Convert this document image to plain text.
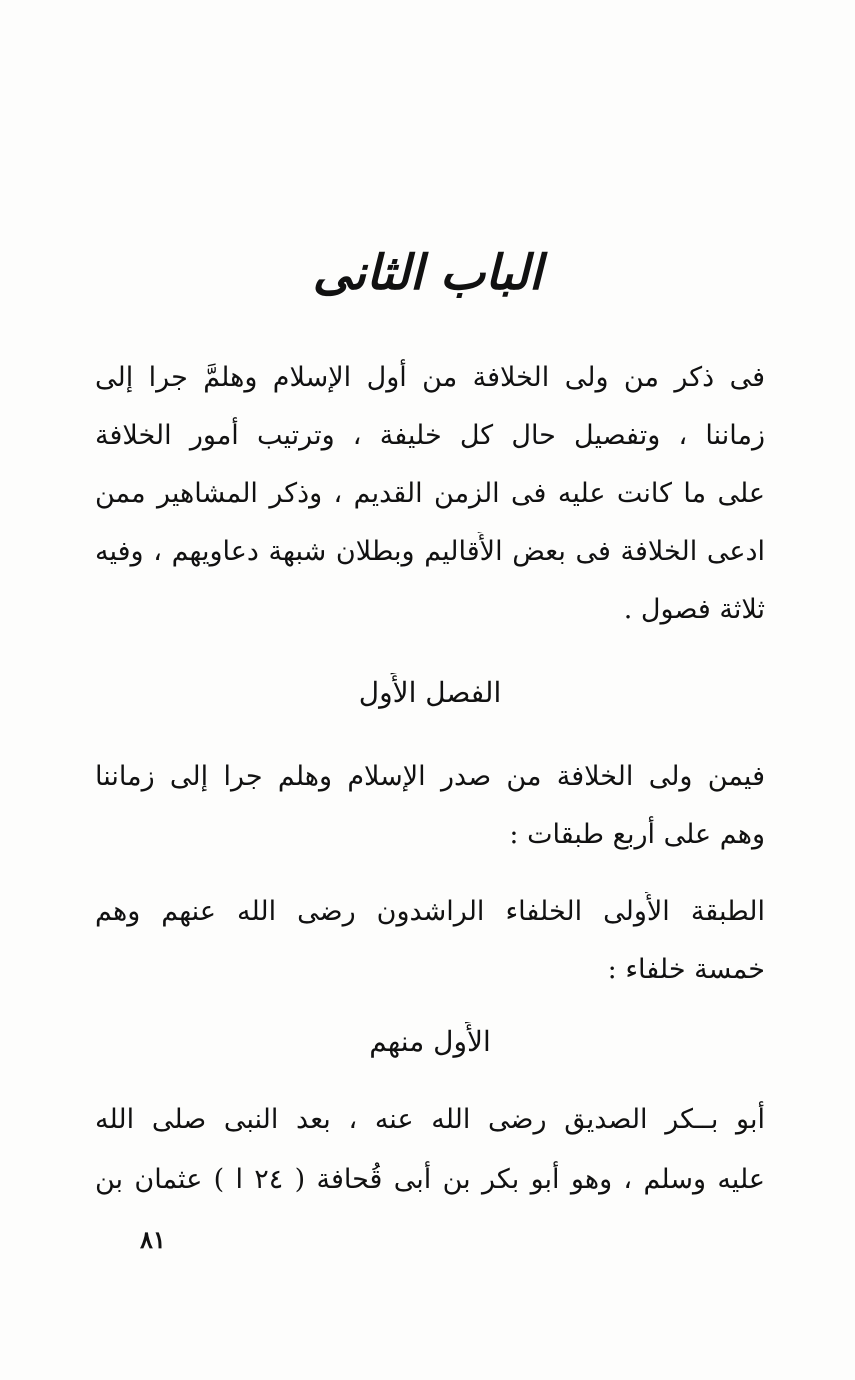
الباب الثانى
فى ذكر من ولى الخلافة من أول الإسلام وهلمَّ جرا إلى
زماننا ، وتفصيل حال كل خليفة ، وترتيب أُمور الخلافة
على ما كانت عليه فى الزمن القديم ، وذكر المشاهير ممن
ادعى الخلافة فى بعض الأَقاليم وبطلان شبهة دعاويهم ، وفيه
ثلاثة فصول .
الفصل الأَول
فيمن ولى الخلافة من صدر الإسلام وهلم جرا إلى زماننا
وهم على أَربع طبقات :
الطبقة الأُولى الخلفاء الراشدون رضى الله عنهم وهم
خمسة خلفاء :
الأَول منهم
أَبو بــكر الصديق رضى الله عنه ، بعد النبى صلى الله
عليه وسلم ، وهو أَبو بكر بن أَبى قُحافة ( ٢٤ ا ) عثمان بن
٨١
